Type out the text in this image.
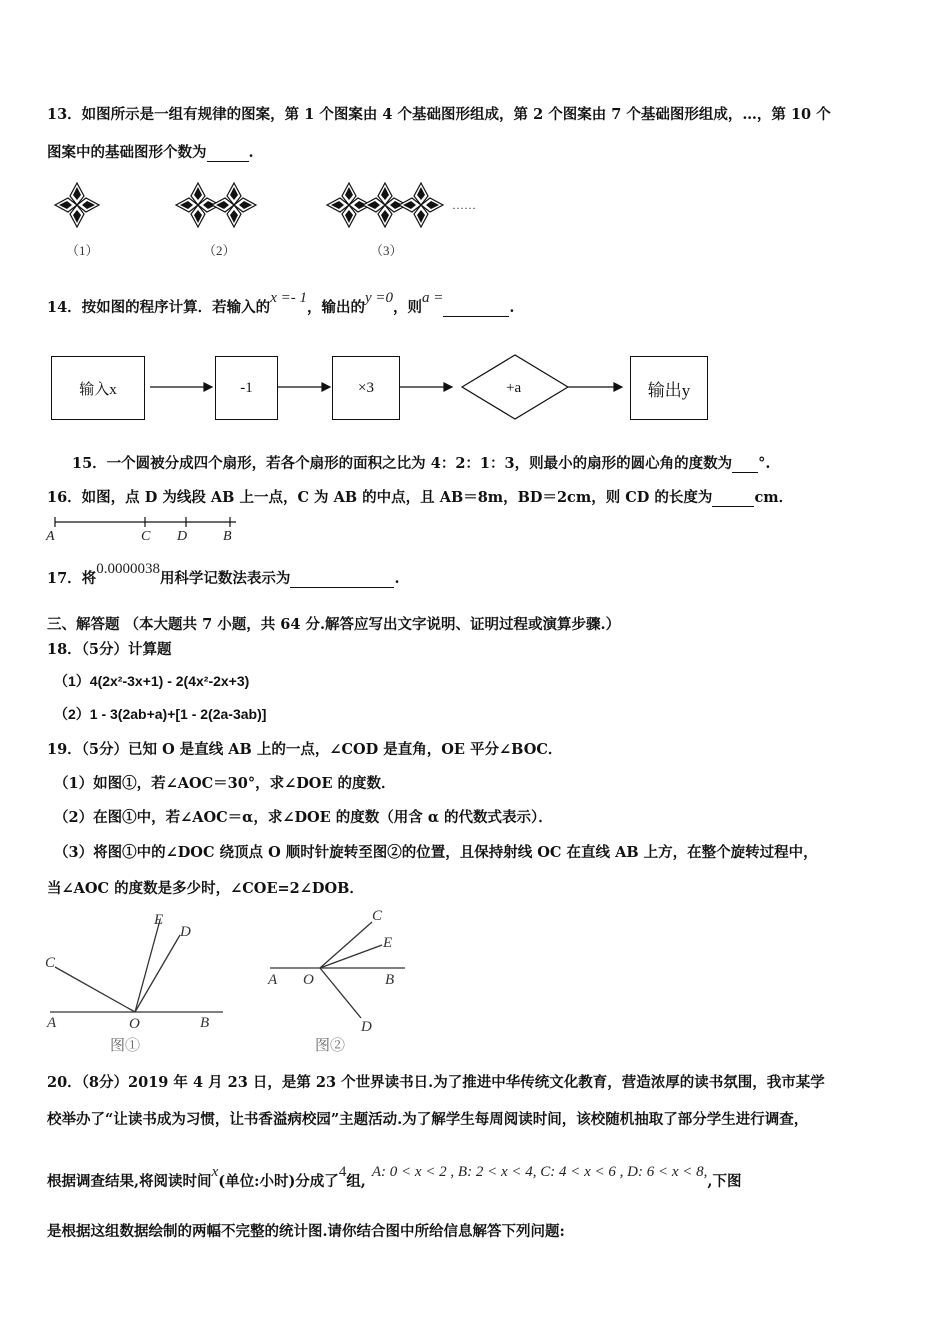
13．如图所示是一组有规律的图案，第 1 个图案由 4 个基础图形组成，第 2 个图案由 7 个基础图形组成，…，第 10 个
图案中的基础图形个数为	.
……
（1）	（2）	（3）
14．按如图的程序计算．若输入的x =- 1，输出的y =0，则a = .
+a
输入x	-1	×3	输出y
15．一个圆被分成四个扇形，若各个扇形的面积之比为 4：2：1：3，则最小的扇形的圆心角的度数为 °.
16．如图，点 D 为线段 AB 上一点，C 为 AB 的中点，且 AB＝8m，BD＝2cm，则 CD 的长度为	cm．
A	C D	B
17．将0.0000038用科学记数法表示为	.
三、解答题 （本大题共 7 小题，共 64 分.解答应写出文字说明、证明过程或演算步骤.）
18．（5分）计算题
（1）4(2x²-3x+1) - 2(4x²-2x+3)
（2）1 - 3(2ab+a)+[1 - 2(2a-3ab)]
19．（5分）已知 O 是直线 AB 上的一点，∠COD 是直角，OE 平分∠BOC．
（1）如图①，若∠AOC＝30°，求∠DOE 的度数．
（2）在图①中，若∠AOC＝α，求∠DOE 的度数（用含 α 的代数式表示）．
（3）将图①中的∠DOC 绕顶点 O 顺时针旋转至图②的位置，且保持射线 OC 在直线 AB 上方，在整个旋转过程中，
当∠AOC 的度数是多少时，∠COE=2∠DOB．
A	O	B
C
E
D
图①
A O	B
C
E
D
图②
20．（8分）2019 年 4 月 23 日，是第 23 个世界读书日.为了推进中华传统文化教育，营造浓厚的读书氛围，我市某学
校举办了“让读书成为习惯，让书香溢病校园”主题活动.为了解学生每周阅读时间，该校随机抽取了部分学生进行调查，
根据调查结果,将阅读时间x(单位:小时)分成了4组,A: 0 < x < 2 , B: 2 < x < 4, C: 4 < x < 6 , D: 6 < x < 8,,下图
是根据这组数据绘制的两幅不完整的统计图.请你结合图中所给信息解答下列问题:
